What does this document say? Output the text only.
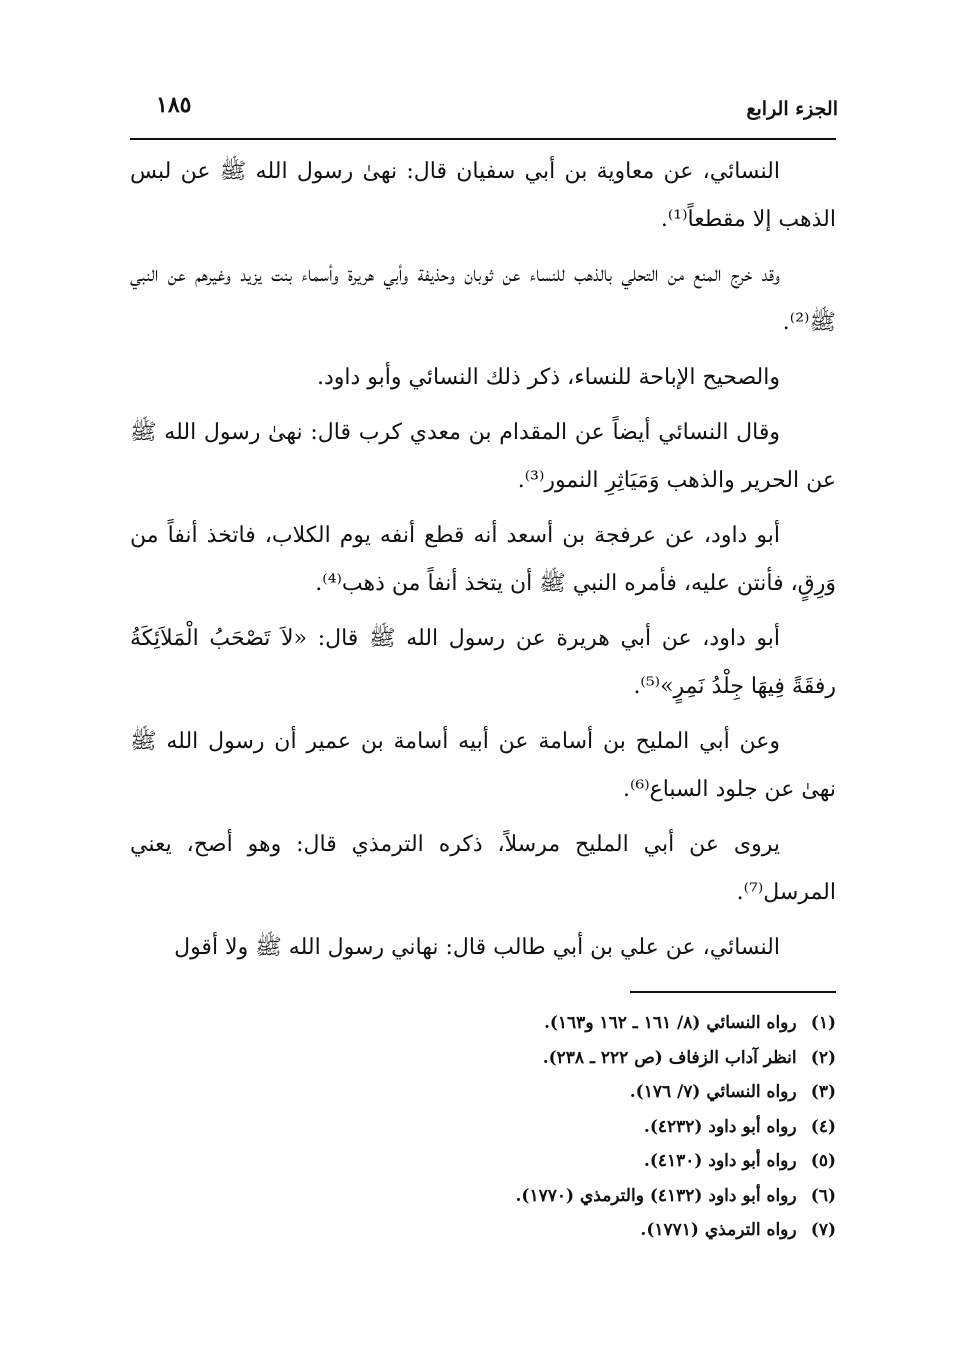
الجزء الرابع
١٨٥

النسائي، عن معاوية بن أبي سفيان قال: نهىٰ رسول الله ﷺ عن لبس الذهب إلا مقطعاً⁽¹⁾.

وقد خرج المنع من التحلي بالذهب للنساء عن ثوبان وحذيفة وأبي هريرة وأسماء بنت يزيد وغيرهم عن النبي ﷺ⁽²⁾.

والصحيح الإباحة للنساء، ذكر ذلك النسائي وأبو داود.

وقال النسائي أيضاً عن المقدام بن معدي كرب قال: نهىٰ رسول الله ﷺ عن الحرير والذهب وَمَيَاثِرِ النمور⁽³⁾.

أبو داود، عن عرفجة بن أسعد أنه قطع أنفه يوم الكلاب، فاتخذ أنفاً من وَرِقٍ، فأنتن عليه، فأمره النبي ﷺ أن يتخذ أنفاً من ذهب⁽⁴⁾.

أبو داود، عن أبي هريرة عن رسول الله ﷺ قال: «لاَ تَصْحَبُ الْمَلاَئِكَةُ رفقَةً فِيهَا جِلْدُ نَمِرٍ»⁽⁵⁾.

وعن أبي المليح بن أسامة عن أبيه أسامة بن عمير أن رسول الله ﷺ نهىٰ عن جلود السباع⁽⁶⁾.

يروى عن أبي المليح مرسلاً، ذكره الترمذي قال: وهو أصح، يعني المرسل⁽⁷⁾.

النسائي، عن علي بن أبي طالب قال: نهاني رسول الله ﷺ ولا أقول

(١) رواه النسائي (٨/ ١٦١ ـ ١٦٢ و١٦٣).
(٢) انظر آداب الزفاف (ص ٢٢٢ ـ ٢٣٨).
(٣) رواه النسائي (٧/ ١٧٦).
(٤) رواه أبو داود (٤٢٣٢).
(٥) رواه أبو داود (٤١٣٠).
(٦) رواه أبو داود (٤١٣٢) والترمذي (١٧٧٠).
(٧) رواه الترمذي (١٧٧١).
